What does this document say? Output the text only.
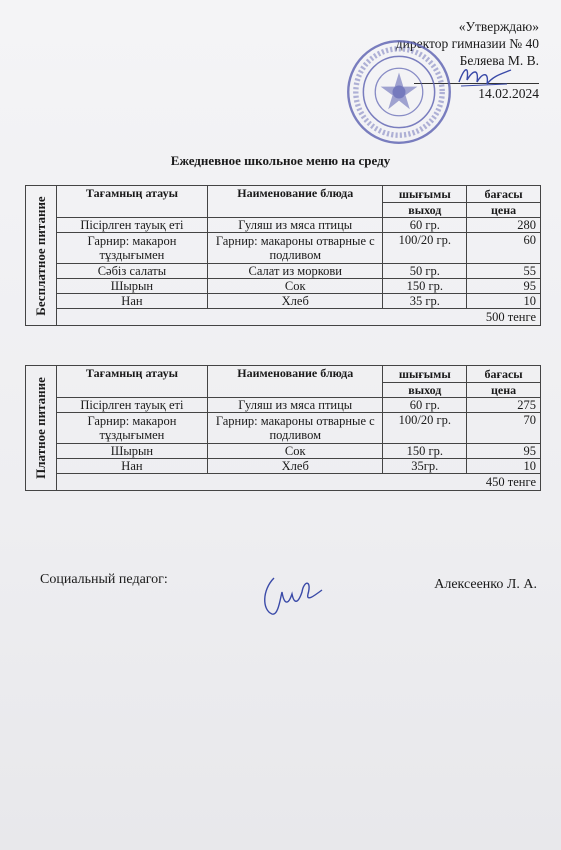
«Утверждаю»
директор гимназии № 40
Беляева М. В.
14.02.2024
Ежедневное школьное меню на среду
Бесплатное питание	Тағамның атауы	Наименование блюда	шығымы	бағасы
			выход	цена
	Пісірлген тауық еті	Гуляш из мяса птицы	60 гр.	280
	Гарнир: макарон тұздығымен	Гарнир: макароны отварные с подливом	100/20 гр.	60
	Сәбіз салаты	Салат из моркови	50 гр.	55
	Шырын	Сок	150 гр.	95
	Нан	Хлеб	35 гр.	10
	500 тенге			
Платное питание	Тағамның атауы	Наименование блюда	шығымы	бағасы
			выход	цена
	Пісірлген тауық еті	Гуляш из мяса птицы	60 гр.	275
	Гарнир: макарон тұздығымен	Гарнир: макароны отварные с подливом	100/20 гр.	70
	Шырын	Сок	150 гр.	95
	Нан	Хлеб	35гр.	10
	450 тенге			
Социальный педагог:	Алексеенко Л. А.
